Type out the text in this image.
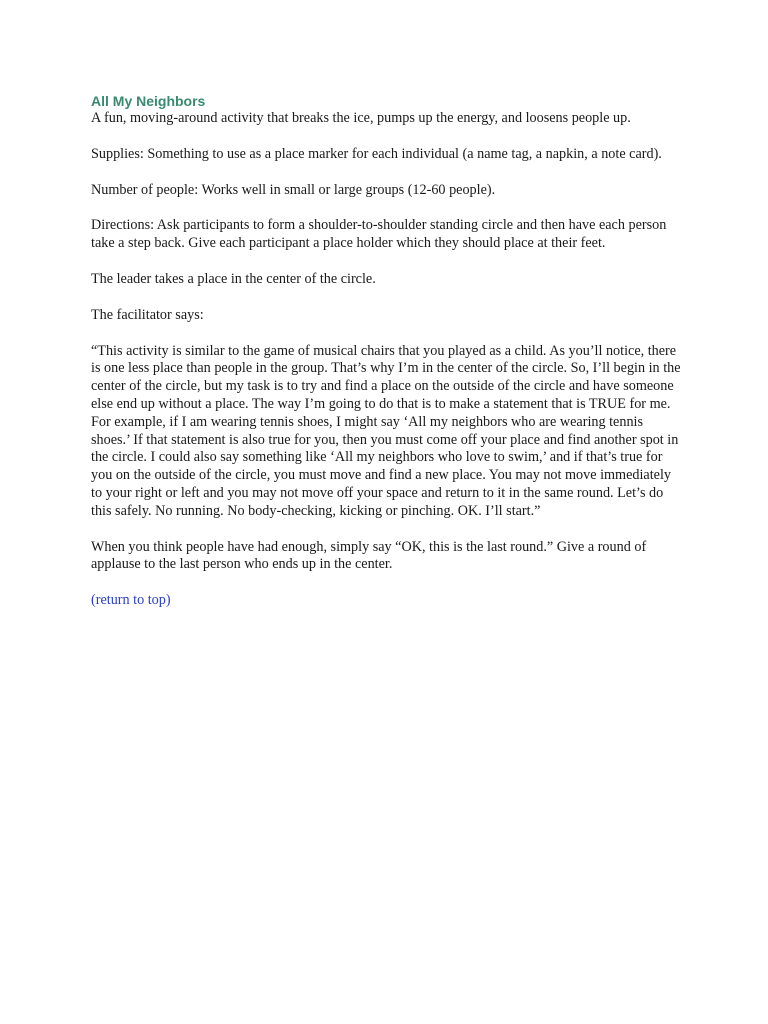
All My Neighbors

A fun, moving-around activity that breaks the ice, pumps up the energy, and loosens people up.

Supplies: Something to use as a place marker for each individual (a name tag, a napkin, a note card).

Number of people: Works well in small or large groups (12-60 people).

Directions: Ask participants to form a shoulder-to-shoulder standing circle and then have each person take a step back. Give each participant a place holder which they should place at their feet.

The leader takes a place in the center of the circle.

The facilitator says:

“This activity is similar to the game of musical chairs that you played as a child. As you’ll notice, there is one less place than people in the group. That’s why I’m in the center of the circle. So, I’ll begin in the center of the circle, but my task is to try and find a place on the outside of the circle and have someone else end up without a place. The way I’m going to do that is to make a statement that is TRUE for me. For example, if I am wearing tennis shoes, I might say ‘All my neighbors who are wearing tennis shoes.’ If that statement is also true for you, then you must come off your place and find another spot in the circle. I could also say something like ‘All my neighbors who love to swim,’ and if that’s true for you on the outside of the circle, you must move and find a new place. You may not move immediately to your right or left and you may not move off your space and return to it in the same round. Let’s do this safely. No running. No body-checking, kicking or pinching. OK. I’ll start.”

When you think people have had enough, simply say “OK, this is the last round.” Give a round of applause to the last person who ends up in the center.

(return to top)
